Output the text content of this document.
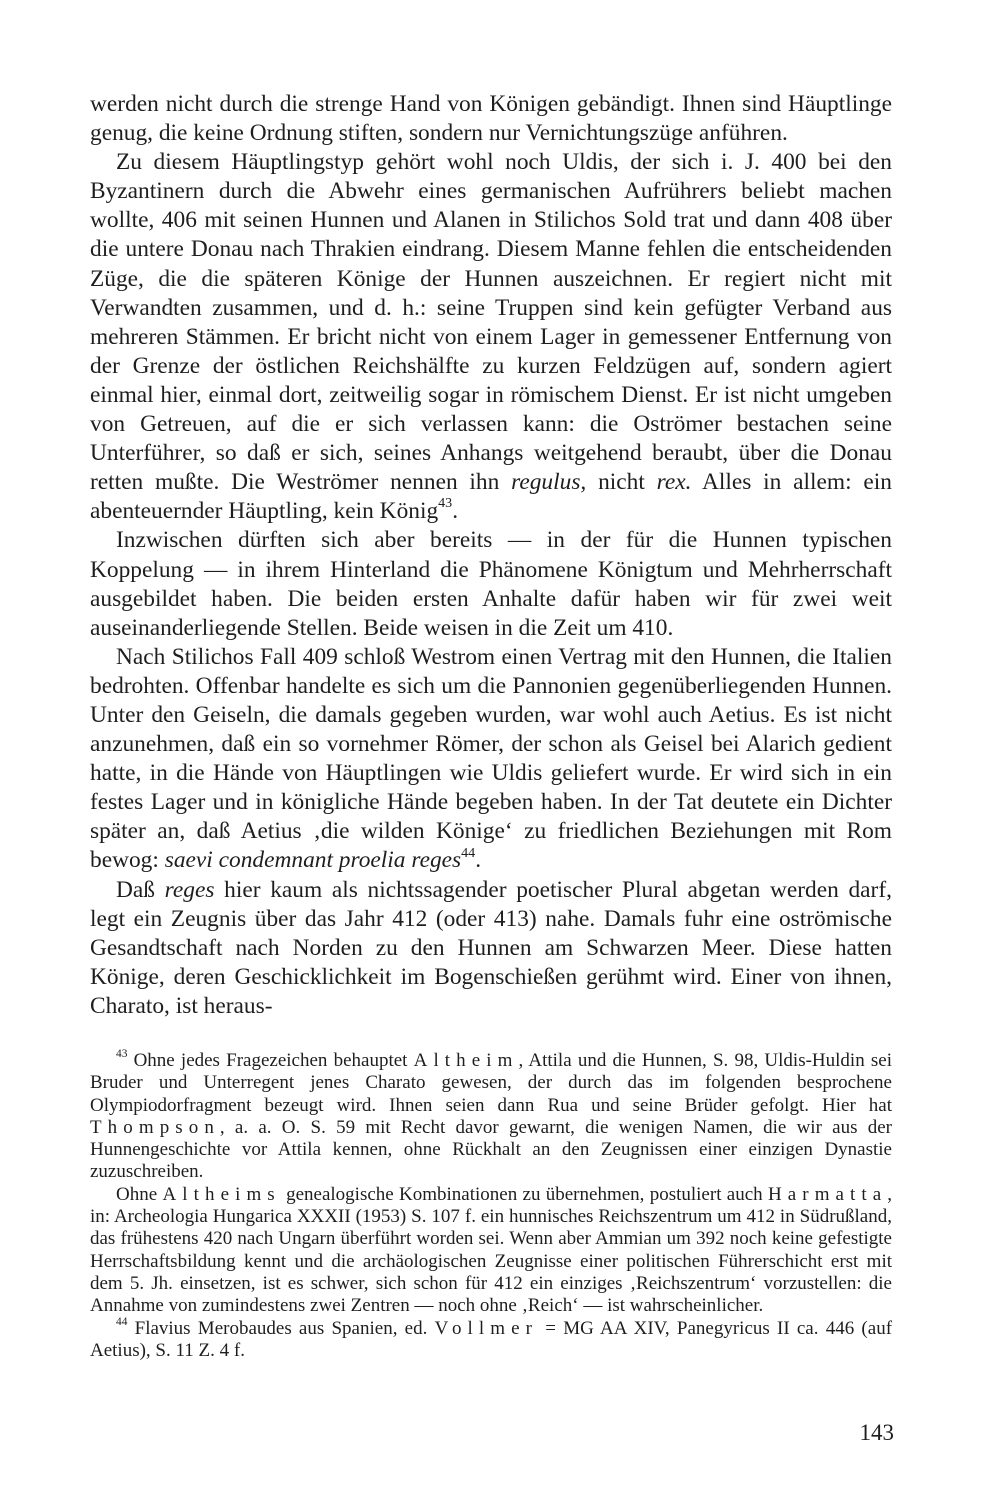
werden nicht durch die strenge Hand von Königen gebändigt. Ihnen sind Häuptlinge genug, die keine Ordnung stiften, sondern nur Vernichtungszüge anführen.

Zu diesem Häuptlingstyp gehört wohl noch Uldis, der sich i. J. 400 bei den Byzantinern durch die Abwehr eines germanischen Aufrührers beliebt machen wollte, 406 mit seinen Hunnen und Alanen in Stilichos Sold trat und dann 408 über die untere Donau nach Thrakien eindrang. Diesem Manne fehlen die entscheidenden Züge, die die späteren Könige der Hunnen auszeichnen. Er regiert nicht mit Verwandten zusammen, und d. h.: seine Truppen sind kein gefügter Verband aus mehreren Stämmen. Er bricht nicht von einem Lager in gemessener Entfernung von der Grenze der östlichen Reichshälfte zu kurzen Feldzügen auf, sondern agiert einmal hier, einmal dort, zeitweilig sogar in römischem Dienst. Er ist nicht umgeben von Getreuen, auf die er sich verlassen kann: die Oströmer bestachen seine Unterführer, so daß er sich, seines Anhangs weitgehend beraubt, über die Donau retten mußte. Die Weströmer nennen ihn regulus, nicht rex. Alles in allem: ein abenteuernder Häuptling, kein König$^{43}$.

Inzwischen dürften sich aber bereits — in der für die Hunnen typischen Koppelung — in ihrem Hinterland die Phänomene Königtum und Mehrherrschaft ausgebildet haben. Die beiden ersten Anhalte dafür haben wir für zwei weit auseinanderliegende Stellen. Beide weisen in die Zeit um 410.

Nach Stilichos Fall 409 schloß Westrom einen Vertrag mit den Hunnen, die Italien bedrohten. Offenbar handelte es sich um die Pannonien gegenüberliegenden Hunnen. Unter den Geiseln, die damals gegeben wurden, war wohl auch Aetius. Es ist nicht anzunehmen, daß ein so vornehmer Römer, der schon als Geisel bei Alarich gedient hatte, in die Hände von Häuptlingen wie Uldis geliefert wurde. Er wird sich in ein festes Lager und in königliche Hände begeben haben. In der Tat deutete ein Dichter später an, daß Aetius ‚die wilden Könige‘ zu friedlichen Beziehungen mit Rom bewog: saevi condemnant proelia reges$^{44}$.

Daß reges hier kaum als nichtssagender poetischer Plural abgetan werden darf, legt ein Zeugnis über das Jahr 412 (oder 413) nahe. Damals fuhr eine oströmische Gesandtschaft nach Norden zu den Hunnen am Schwarzen Meer. Diese hatten Könige, deren Geschicklichkeit im Bogenschießen gerühmt wird. Einer von ihnen, Charato, ist heraus-

$^{43}$ Ohne jedes Fragezeichen behauptet Altheim, Attila und die Hunnen, S. 98, Uldis-Huldin sei Bruder und Unterregent jenes Charato gewesen, der durch das im folgenden besprochene Olympiodorfragment bezeugt wird. Ihnen seien dann Rua und seine Brüder gefolgt. Hier hat Thompson, a. a. O. S. 59 mit Recht davor gewarnt, die wenigen Namen, die wir aus der Hunnengeschichte vor Attila kennen, ohne Rückhalt an den Zeugnissen einer einzigen Dynastie zuzuschreiben.

Ohne Altheims genealogische Kombinationen zu übernehmen, postuliert auch Harmatta, in: Archeologia Hungarica XXXII (1953) S. 107 f. ein hunnisches Reichszentrum um 412 in Südrußland, das frühestens 420 nach Ungarn überführt worden sei. Wenn aber Ammian um 392 noch keine gefestigte Herrschaftsbildung kennt und die archäologischen Zeugnisse einer politischen Führerschicht erst mit dem 5. Jh. einsetzen, ist es schwer, sich schon für 412 ein einziges ‚Reichszentrum‘ vorzustellen: die Annahme von zumindestens zwei Zentren — noch ohne ‚Reich‘ — ist wahrscheinlicher.

$^{44}$ Flavius Merobaudes aus Spanien, ed. Vollmer = MG AA XIV, Panegyricus II ca. 446 (auf Aetius), S. 11 Z. 4 f.

143
